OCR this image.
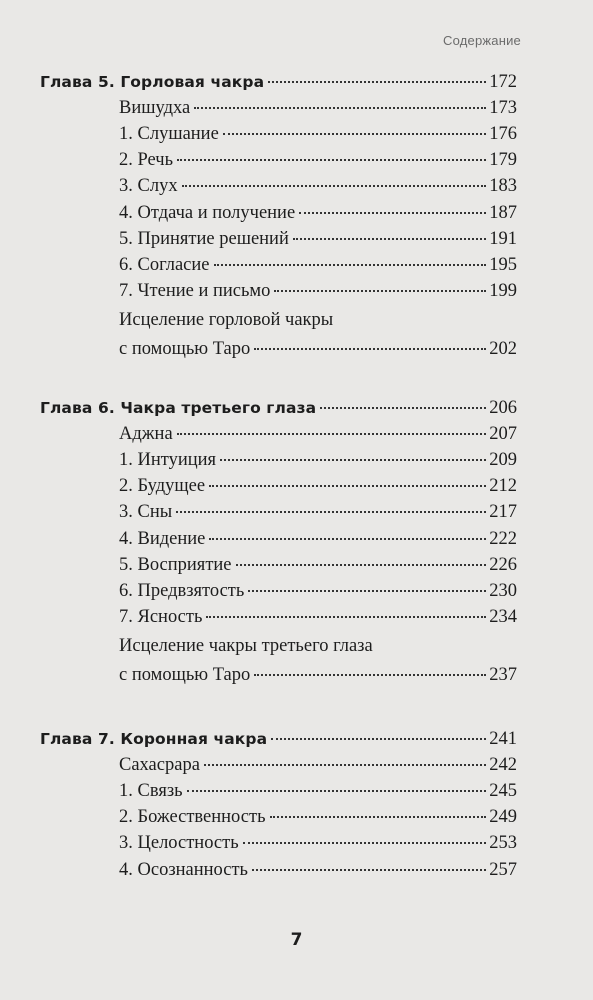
Содержание
Глава 5. Горловая чакра	172
Вишудха	173
1. Слушание	176
2. Речь	179
3. Слух	183
4. Отдача и получение	187
5. Принятие решений	191
6. Согласие	195
7. Чтение и письмо	199
Исцеление горловой чакры
с помощью Таро	202
Глава 6. Чакра третьего глаза	206
Аджна	207
1. Интуиция	209
2. Будущее	212
3. Сны	217
4. Видение	222
5. Восприятие	226
6. Предвзятость	230
7. Ясность	234
Исцеление чакры третьего глаза
с помощью Таро	237
Глава 7. Коронная чакра	241
Сахасрара	242
1. Связь	245
2. Божественность	249
3. Целостность	253
4. Осознанность	257
7
